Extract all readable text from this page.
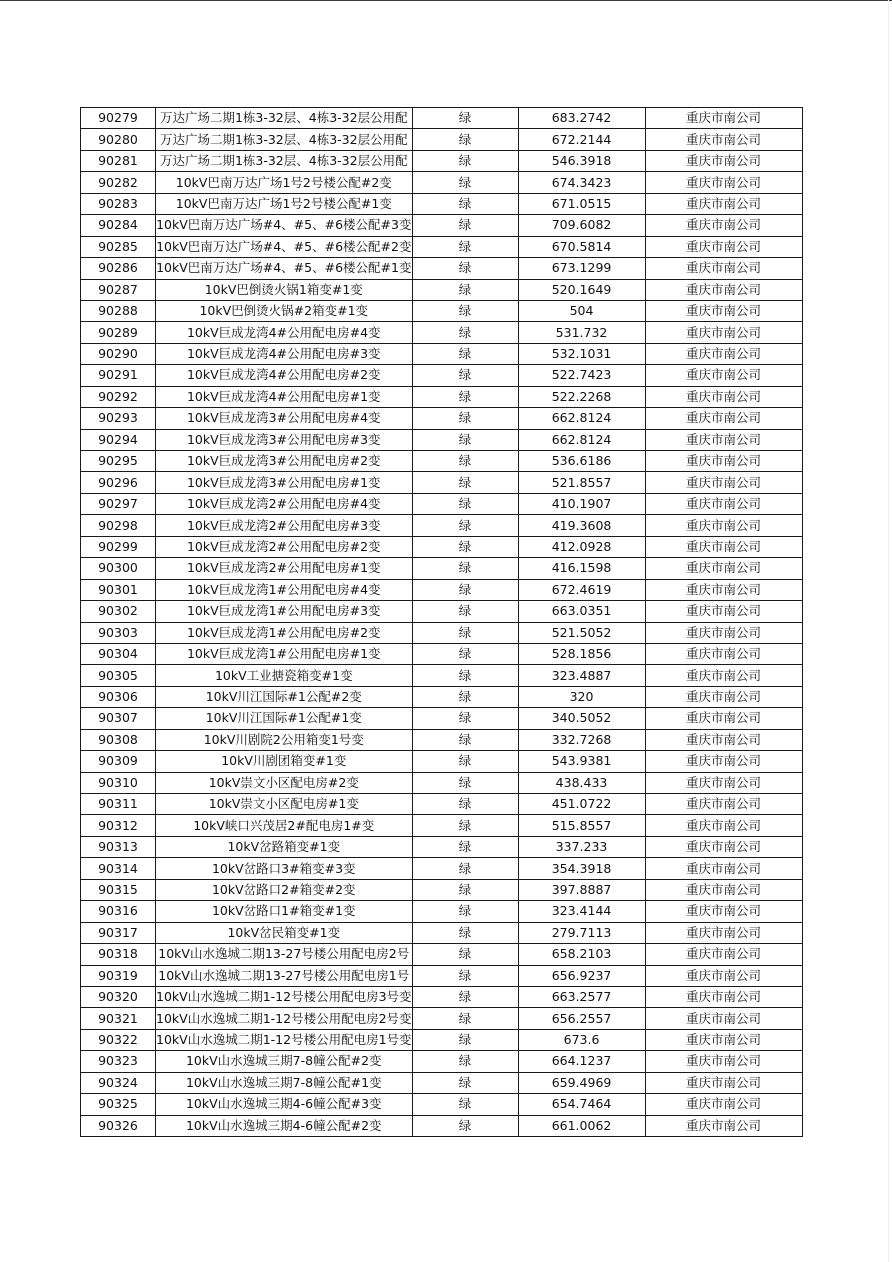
90279	万达广场二期1栋3-32层、4栋3-32层公用配	绿	683.2742	重庆市南公司
90280	万达广场二期1栋3-32层、4栋3-32层公用配	绿	672.2144	重庆市南公司
90281	万达广场二期1栋3-32层、4栋3-32层公用配	绿	546.3918	重庆市南公司
90282	10kV巴南万达广场1号2号楼公配#2变	绿	674.3423	重庆市南公司
90283	10kV巴南万达广场1号2号楼公配#1变	绿	671.0515	重庆市南公司
90284	10kV巴南万达广场#4、#5、#6楼公配#3变	绿	709.6082	重庆市南公司
90285	10kV巴南万达广场#4、#5、#6楼公配#2变	绿	670.5814	重庆市南公司
90286	10kV巴南万达广场#4、#5、#6楼公配#1变	绿	673.1299	重庆市南公司
90287	10kV巴倒烫火锅1箱变#1变	绿	520.1649	重庆市南公司
90288	10kV巴倒烫火锅#2箱变#1变	绿	504	重庆市南公司
90289	10kV巨成龙湾4#公用配电房#4变	绿	531.732	重庆市南公司
90290	10kV巨成龙湾4#公用配电房#3变	绿	532.1031	重庆市南公司
90291	10kV巨成龙湾4#公用配电房#2变	绿	522.7423	重庆市南公司
90292	10kV巨成龙湾4#公用配电房#1变	绿	522.2268	重庆市南公司
90293	10kV巨成龙湾3#公用配电房#4变	绿	662.8124	重庆市南公司
90294	10kV巨成龙湾3#公用配电房#3变	绿	662.8124	重庆市南公司
90295	10kV巨成龙湾3#公用配电房#2变	绿	536.6186	重庆市南公司
90296	10kV巨成龙湾3#公用配电房#1变	绿	521.8557	重庆市南公司
90297	10kV巨成龙湾2#公用配电房#4变	绿	410.1907	重庆市南公司
90298	10kV巨成龙湾2#公用配电房#3变	绿	419.3608	重庆市南公司
90299	10kV巨成龙湾2#公用配电房#2变	绿	412.0928	重庆市南公司
90300	10kV巨成龙湾2#公用配电房#1变	绿	416.1598	重庆市南公司
90301	10kV巨成龙湾1#公用配电房#4变	绿	672.4619	重庆市南公司
90302	10kV巨成龙湾1#公用配电房#3变	绿	663.0351	重庆市南公司
90303	10kV巨成龙湾1#公用配电房#2变	绿	521.5052	重庆市南公司
90304	10kV巨成龙湾1#公用配电房#1变	绿	528.1856	重庆市南公司
90305	10kV工业搪瓷箱变#1变	绿	323.4887	重庆市南公司
90306	10kV川江国际#1公配#2变	绿	320	重庆市南公司
90307	10kV川江国际#1公配#1变	绿	340.5052	重庆市南公司
90308	10kV川剧院2公用箱变1号变	绿	332.7268	重庆市南公司
90309	10kV川剧团箱变#1变	绿	543.9381	重庆市南公司
90310	10kV崇文小区配电房#2变	绿	438.433	重庆市南公司
90311	10kV崇文小区配电房#1变	绿	451.0722	重庆市南公司
90312	10kV峡口兴茂居2#配电房1#变	绿	515.8557	重庆市南公司
90313	10kV岔路箱变#1变	绿	337.233	重庆市南公司
90314	10kV岔路口3#箱变#3变	绿	354.3918	重庆市南公司
90315	10kV岔路口2#箱变#2变	绿	397.8887	重庆市南公司
90316	10kV岔路口1#箱变#1变	绿	323.4144	重庆市南公司
90317	10kV岔民箱变#1变	绿	279.7113	重庆市南公司
90318	10kV山水逸城二期13-27号楼公用配电房2号	绿	658.2103	重庆市南公司
90319	10kV山水逸城二期13-27号楼公用配电房1号	绿	656.9237	重庆市南公司
90320	10kV山水逸城二期1-12号楼公用配电房3号变	绿	663.2577	重庆市南公司
90321	10kV山水逸城二期1-12号楼公用配电房2号变	绿	656.2557	重庆市南公司
90322	10kV山水逸城二期1-12号楼公用配电房1号变	绿	673.6	重庆市南公司
90323	10kV山水逸城三期7-8幢公配#2变	绿	664.1237	重庆市南公司
90324	10kV山水逸城三期7-8幢公配#1变	绿	659.4969	重庆市南公司
90325	10kV山水逸城三期4-6幢公配#3变	绿	654.7464	重庆市南公司
90326	10kV山水逸城三期4-6幢公配#2变	绿	661.0062	重庆市南公司
